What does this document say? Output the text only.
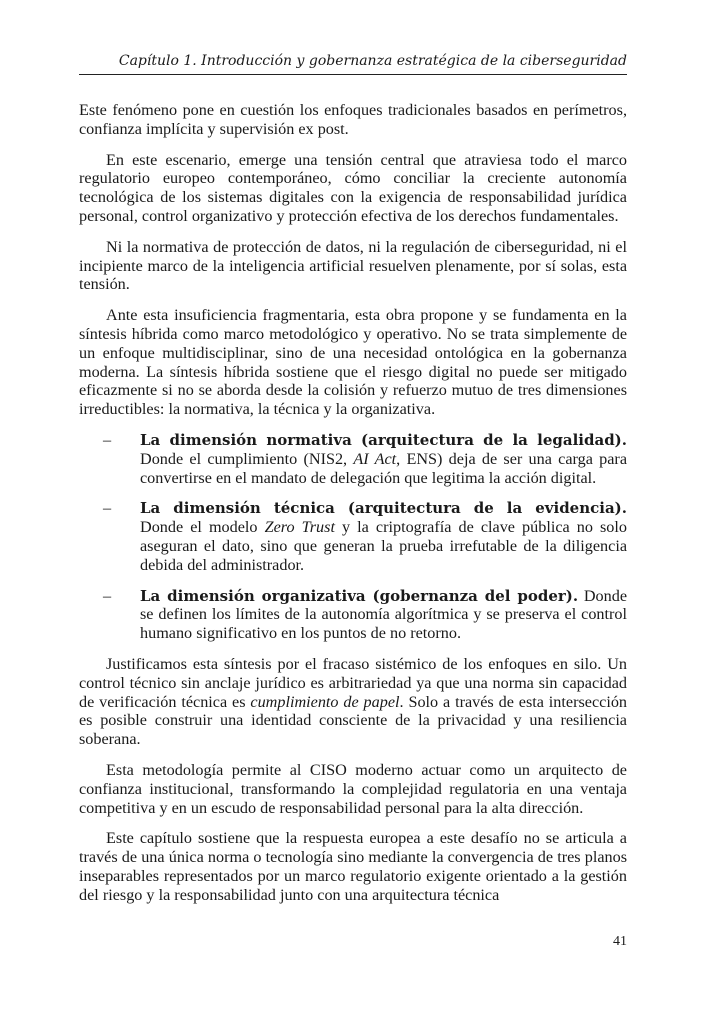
Capítulo 1. Introducción y gobernanza estratégica de la ciberseguridad

Este fenómeno pone en cuestión los enfoques tradicionales basados en perímetros, confianza implícita y supervisión ex post.

En este escenario, emerge una tensión central que atraviesa todo el marco regulatorio europeo contemporáneo, cómo conciliar la creciente autonomía tecnológica de los sistemas digitales con la exigencia de responsabilidad jurídica personal, control organizativo y protección efectiva de los derechos fundamentales.

Ni la normativa de protección de datos, ni la regulación de ciberseguridad, ni el incipiente marco de la inteligencia artificial resuelven plenamente, por sí solas, esta tensión.

Ante esta insuficiencia fragmentaria, esta obra propone y se fundamenta en la síntesis híbrida como marco metodológico y operativo. No se trata simplemente de un enfoque multidisciplinar, sino de una necesidad ontológica en la gobernanza moderna. La síntesis híbrida sostiene que el riesgo digital no puede ser mitigado eficazmente si no se aborda desde la colisión y refuerzo mutuo de tres dimensiones irreductibles: la normativa, la técnica y la organizativa.

– La dimensión normativa (arquitectura de la legalidad). Donde el cumplimiento (NIS2, AI Act, ENS) deja de ser una carga para convertirse en el mandato de delegación que legitima la acción digital.
– La dimensión técnica (arquitectura de la evidencia). Donde el modelo Zero Trust y la criptografía de clave pública no solo aseguran el dato, sino que generan la prueba irrefutable de la diligencia debida del administrador.
– La dimensión organizativa (gobernanza del poder). Donde se definen los límites de la autonomía algorítmica y se preserva el control humano significativo en los puntos de no retorno.

Justificamos esta síntesis por el fracaso sistémico de los enfoques en silo. Un control técnico sin anclaje jurídico es arbitrariedad ya que una norma sin capacidad de verificación técnica es cumplimiento de papel. Solo a través de esta intersección es posible construir una identidad consciente de la privacidad y una resiliencia soberana.

Esta metodología permite al CISO moderno actuar como un arquitecto de confianza institucional, transformando la complejidad regulatoria en una ventaja competitiva y en un escudo de responsabilidad personal para la alta dirección.

Este capítulo sostiene que la respuesta europea a este desafío no se articula a través de una única norma o tecnología sino mediante la convergencia de tres planos inseparables representados por un marco regulatorio exigente orientado a la gestión del riesgo y la responsabilidad junto con una arquitectura técnica

41
